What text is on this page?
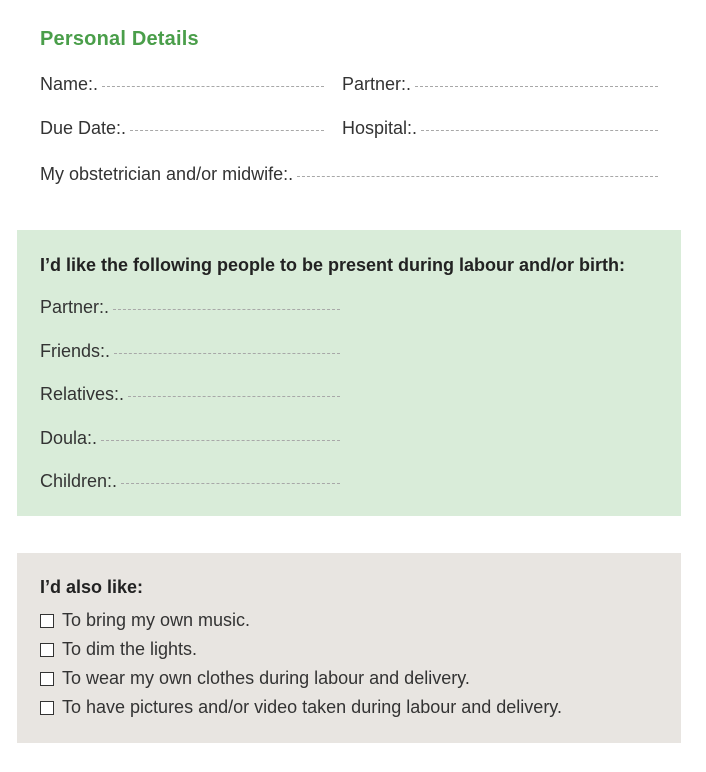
Personal Details
Name:.	Partner:.
Due Date:.	Hospital:.
My obstetrician and/or midwife:.
I’d like the following people to be present during labour and/or birth:
Partner:.
Friends:.
Relatives:.
Doula:.
Children:.
I’d also like:
To bring my own music.
To dim the lights.
To wear my own clothes during labour and delivery.
To have pictures and/or video taken during labour and delivery.
